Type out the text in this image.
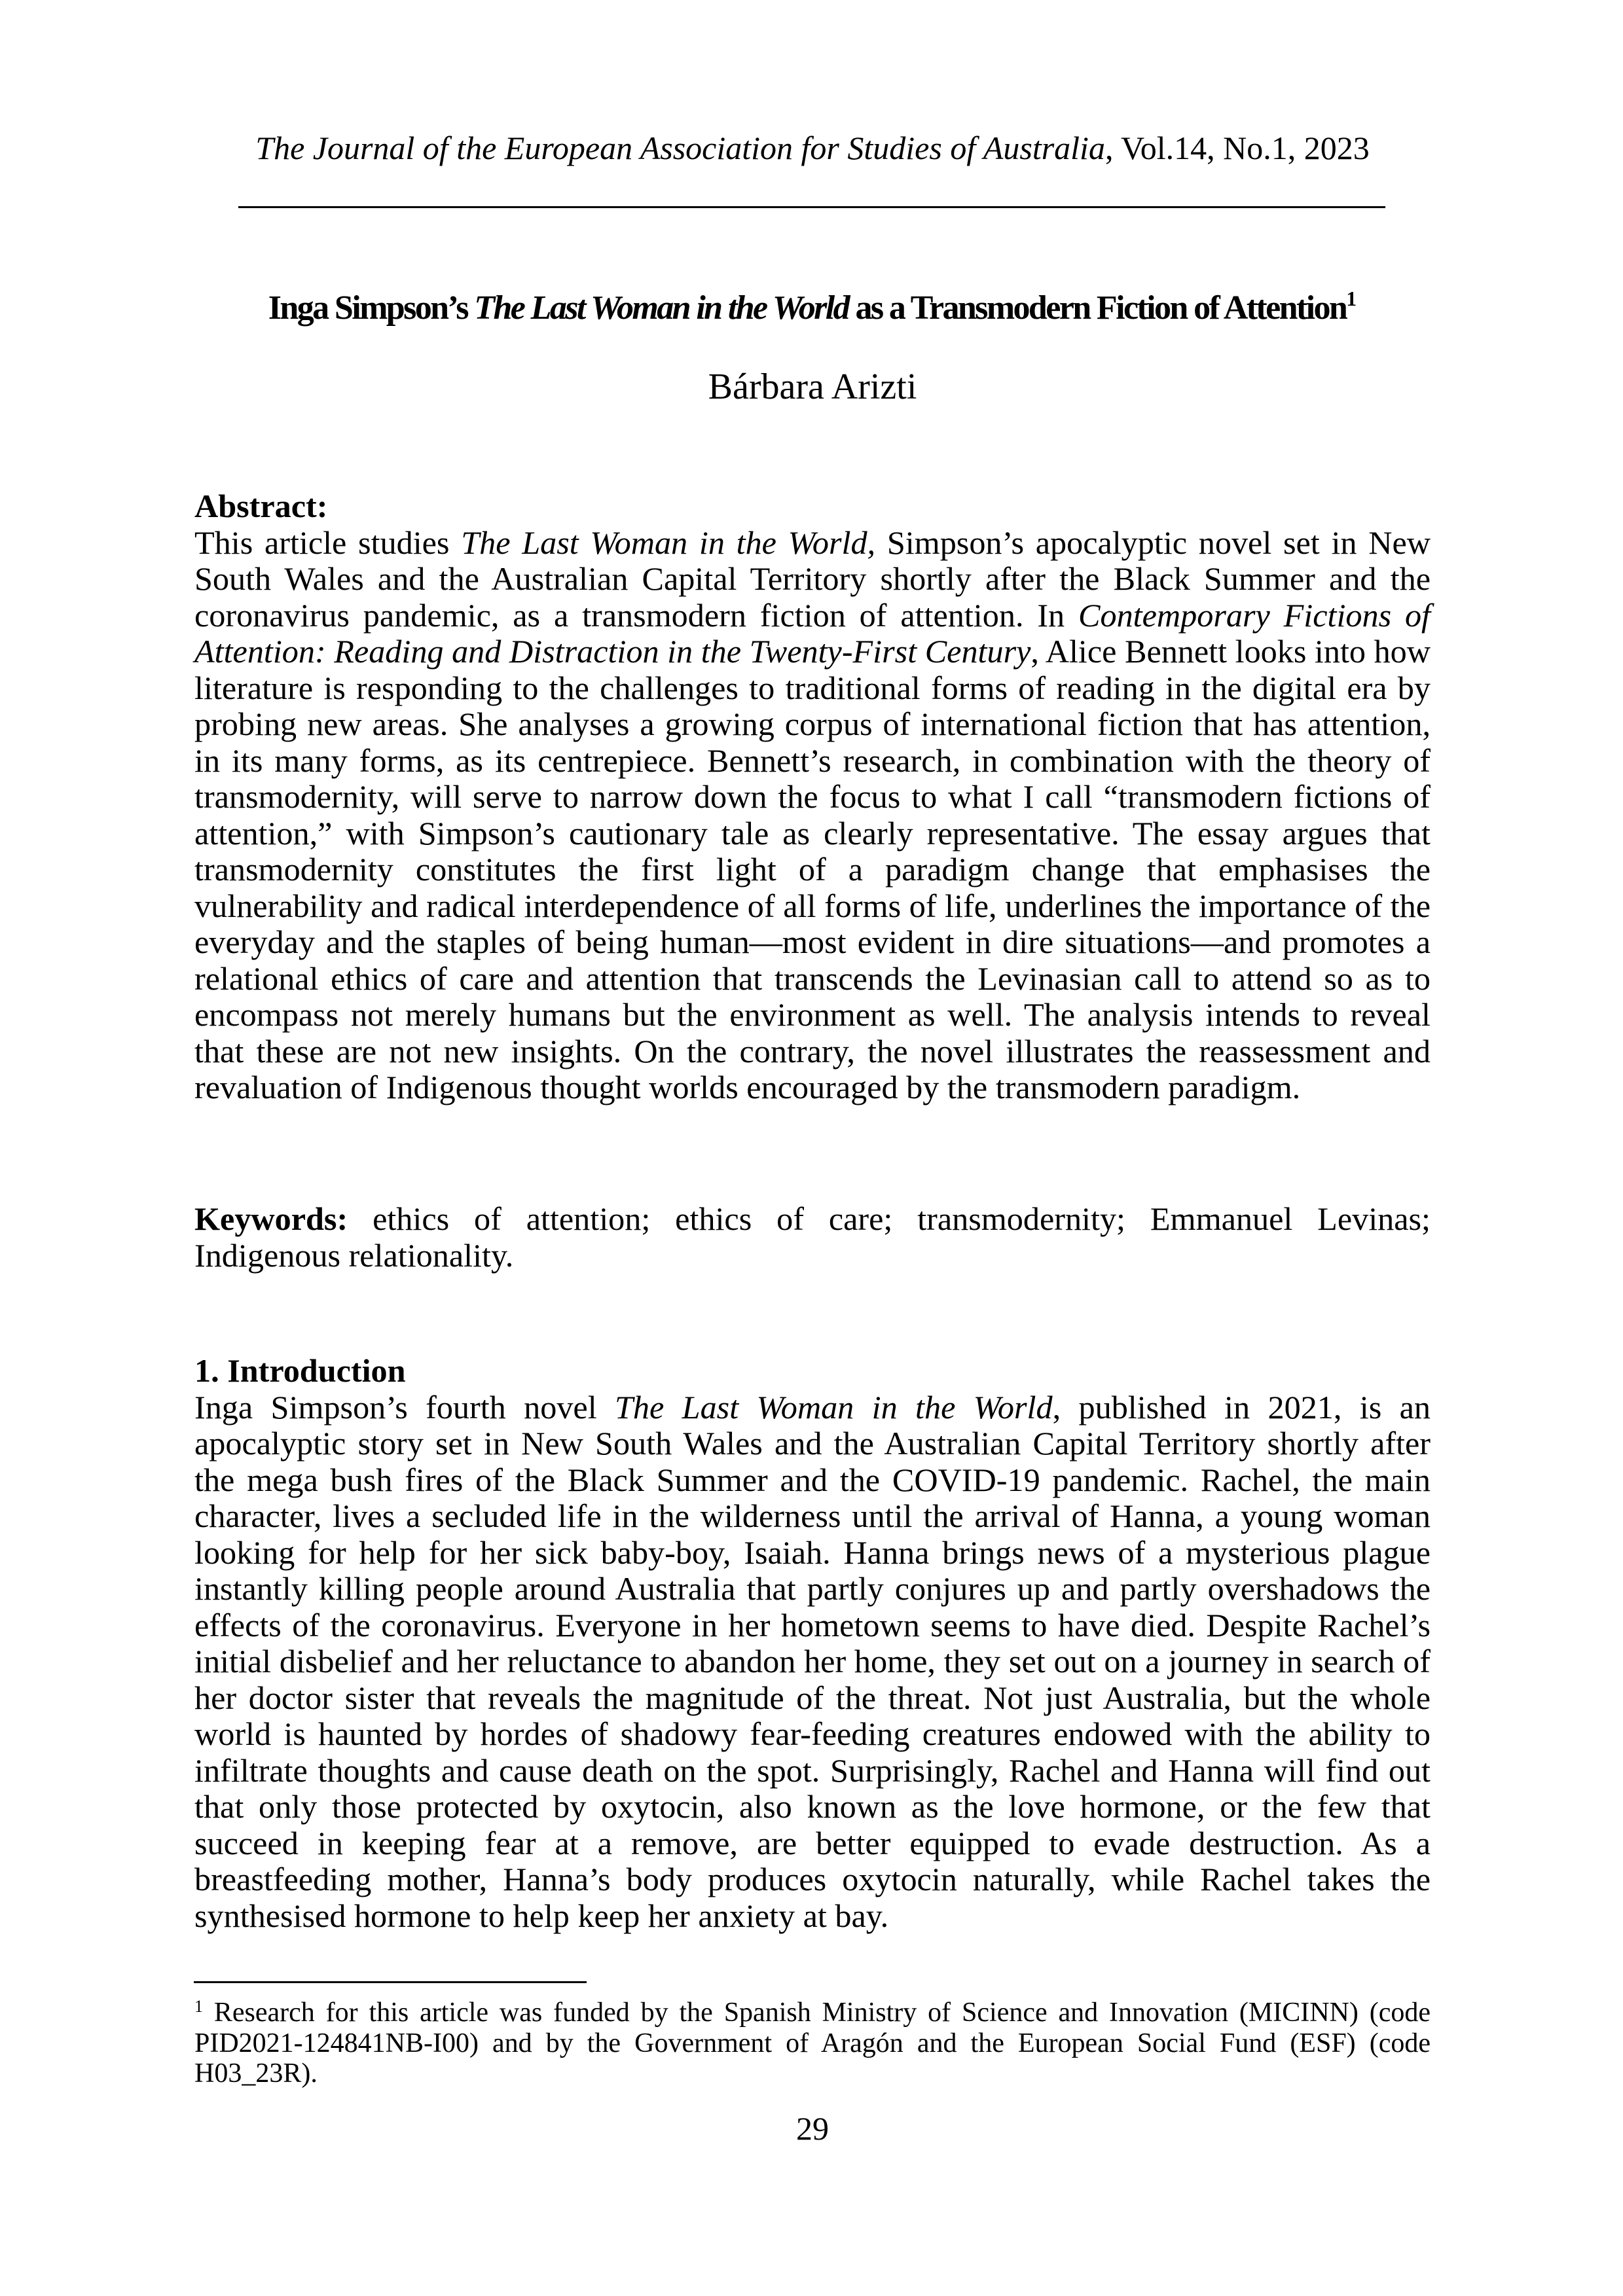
The Journal of the European Association for Studies of Australia, Vol.14, No.1, 2023
Inga Simpson’s The Last Woman in the World as a Transmodern Fiction of Attention$^1$
Bárbara Arizti
Abstract:

This article studies The Last Woman in the World, Simpson’s apocalyptic novel set in New South Wales and the Australian Capital Territory shortly after the Black Summer and the coronavirus pandemic, as a transmodern fiction of attention. In Contemporary Fictions of Attention: Reading and Distraction in the Twenty-First Century, Alice Bennett looks into how literature is responding to the challenges to traditional forms of reading in the digital era by probing new areas. She analyses a growing corpus of international fiction that has attention, in its many forms, as its centrepiece. Bennett’s research, in combination with the theory of transmodernity, will serve to narrow down the focus to what I call “transmodern fictions of attention,” with Simpson’s cautionary tale as clearly representative. The essay argues that transmodernity constitutes the first light of a paradigm change that emphasises the vulnerability and radical interdependence of all forms of life, underlines the importance of the everyday and the staples of being human—most evident in dire situations—and promotes a relational ethics of care and attention that transcends the Levinasian call to attend so as to encompass not merely humans but the environment as well. The analysis intends to reveal that these are not new insights. On the contrary, the novel illustrates the reassessment and revaluation of Indigenous thought worlds encouraged by the transmodern paradigm.

Keywords: ethics of attention; ethics of care; transmodernity; Emmanuel Levinas; Indigenous relationality.

1. Introduction

Inga Simpson’s fourth novel The Last Woman in the World, published in 2021, is an apocalyptic story set in New South Wales and the Australian Capital Territory shortly after the mega bush fires of the Black Summer and the COVID-19 pandemic. Rachel, the main character, lives a secluded life in the wilderness until the arrival of Hanna, a young woman looking for help for her sick baby-boy, Isaiah. Hanna brings news of a mysterious plague instantly killing people around Australia that partly conjures up and partly overshadows the effects of the coronavirus. Everyone in her hometown seems to have died. Despite Rachel’s initial disbelief and her reluctance to abandon her home, they set out on a journey in search of her doctor sister that reveals the magnitude of the threat. Not just Australia, but the whole world is haunted by hordes of shadowy fear-feeding creatures endowed with the ability to infiltrate thoughts and cause death on the spot. Surprisingly, Rachel and Hanna will find out that only those protected by oxytocin, also known as the love hormone, or the few that succeed in keeping fear at a remove, are better equipped to evade destruction. As a breastfeeding mother, Hanna’s body produces oxytocin naturally, while Rachel takes the synthesised hormone to help keep her anxiety at bay.

$^1$ Research for this article was funded by the Spanish Ministry of Science and Innovation (MICINN) (code PID2021-124841NB-I00) and by the Government of Aragón and the European Social Fund (ESF) (code H03_23R).
29
